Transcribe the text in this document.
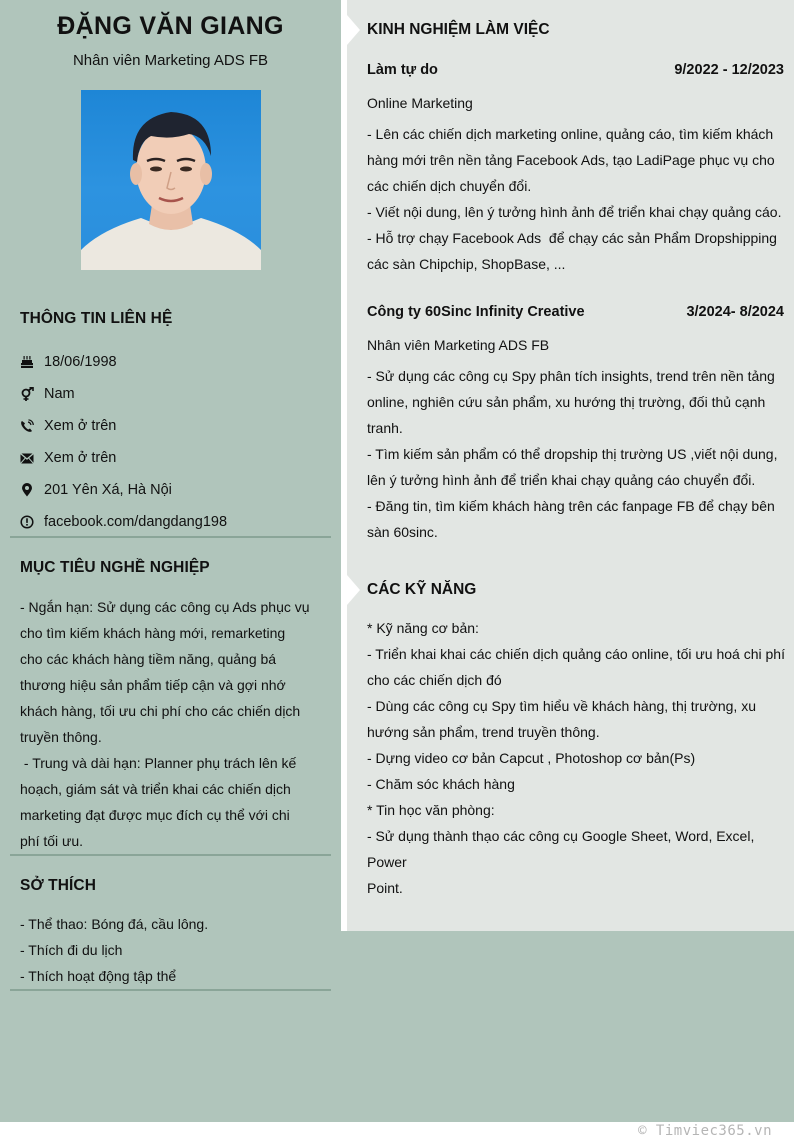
ĐẶNG VĂN GIANG
Nhân viên Marketing ADS FB
THÔNG TIN LIÊN HỆ
18/06/1998
Nam
Xem ở trên
Xem ở trên
201 Yên Xá, Hà Nội
facebook.com/dangdang198
MỤC TIÊU NGHỀ NGHIỆP
- Ngắn hạn: Sử dụng các công cụ Ads phục vụ
cho tìm kiếm khách hàng mới, remarketing
cho các khách hàng tiềm năng, quảng bá
thương hiệu sản phẩm tiếp cận và gợi nhớ
khách hàng, tối ưu chi phí cho các chiến dịch
truyền thông.
- Trung và dài hạn: Planner phụ trách lên kế
hoạch, giám sát và triển khai các chiến dịch
marketing đạt được mục đích cụ thể với chi
phí tối ưu.
SỞ THÍCH
- Thể thao: Bóng đá, cầu lông.
- Thích đi du lịch
- Thích hoạt động tập thể
KINH NGHIỆM LÀM VIỆC
Làm tự do	9/2022 - 12/2023
Online Marketing
- Lên các chiến dịch marketing online, quảng cáo, tìm kiếm khách
hàng mới trên nền tảng Facebook Ads, tạo LadiPage phục vụ cho
các chiến dịch chuyển đổi.
- Viết nội dung, lên ý tưởng hình ảnh để triển khai chạy quảng cáo.
- Hỗ trợ chạy Facebook Ads  để chạy các sản Phẩm Dropshipping
các sàn Chipchip, ShopBase, ...
Công ty 60Sinc Infinity Creative	3/2024- 8/2024
Nhân viên Marketing ADS FB
- Sử dụng các công cụ Spy phân tích insights, trend trên nền tảng
online, nghiên cứu sản phẩm, xu hướng thị trường, đối thủ cạnh
tranh.
- Tìm kiếm sản phẩm có thể dropship thị trường US ,viết nội dung,
lên ý tưởng hình ảnh để triển khai chạy quảng cáo chuyển đổi.
- Đăng tin, tìm kiếm khách hàng trên các fanpage FB để chạy bên
sàn 60sinc.
CÁC KỸ NĂNG
* Kỹ năng cơ bản:
- Triển khai khai các chiến dịch quảng cáo online, tối ưu hoá chi phí
cho các chiến dịch đó
- Dùng các công cụ Spy tìm hiểu về khách hàng, thị trường, xu
hướng sản phẩm, trend truyền thông.
- Dựng video cơ bản Capcut , Photoshop cơ bản(Ps)
- Chăm sóc khách hàng
* Tin học văn phòng:
- Sử dụng thành thạo các công cụ Google Sheet, Word, Excel, Power
Point.
© Timviec365.vn
